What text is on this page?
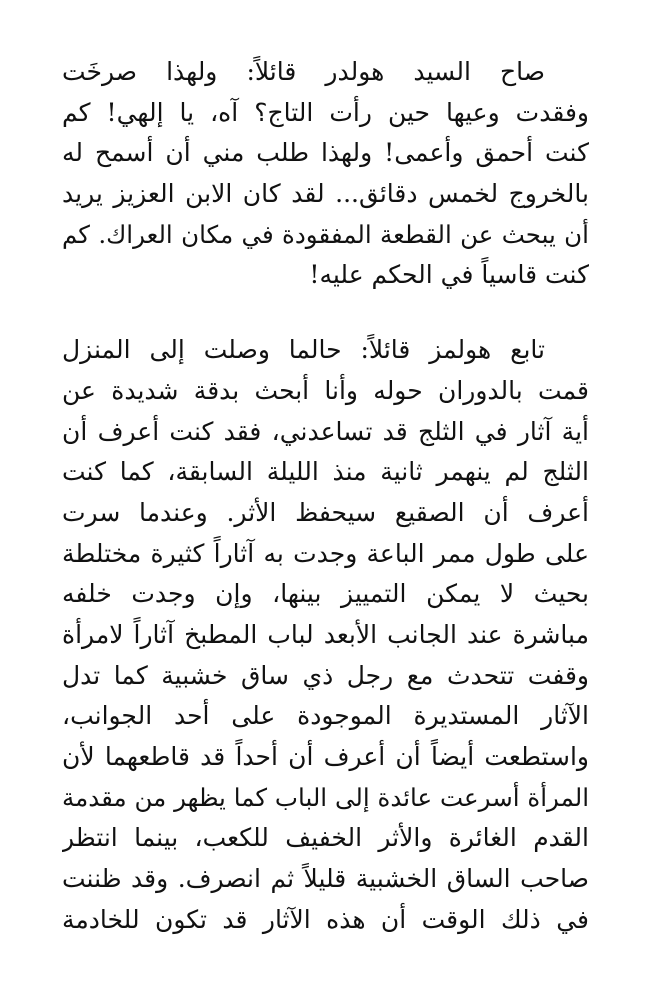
صاح السيد هولدر قائلاً: ولهذا صرخَت
وفقدت وعيها حين رأت التاج؟ آه، يا إلهي! كم
كنت أحمق وأعمى! ولهذا طلب مني أن أسمح له
بالخروج لخمس دقائق... لقد كان الابن العزيز يريد
أن يبحث عن القطعة المفقودة في مكان العراك. كم
كنت قاسياً في الحكم عليه!
تابع هولمز قائلاً: حالما وصلت إلى المنزل
قمت بالدوران حوله وأنا أبحث بدقة شديدة عن
أية آثار في الثلج قد تساعدني، فقد كنت أعرف أن
الثلج لم ينهمر ثانية منذ الليلة السابقة، كما كنت
أعرف أن الصقيع سيحفظ الأثر. وعندما سرت
على طول ممر الباعة وجدت به آثاراً كثيرة مختلطة
بحيث لا يمكن التمييز بينها، وإن وجدت خلفه
مباشرة عند الجانب الأبعد لباب المطبخ آثاراً لامرأة
وقفت تتحدث مع رجل ذي ساق خشبية كما تدل
الآثار المستديرة الموجودة على أحد الجوانب،
واستطعت أيضاً أن أعرف أن أحداً قد قاطعهما لأن
المرأة أسرعت عائدة إلى الباب كما يظهر من مقدمة
القدم الغائرة والأثر الخفيف للكعب، بينما انتظر
صاحب الساق الخشبية قليلاً ثم انصرف. وقد ظننت
في ذلك الوقت أن هذه الآثار قد تكون للخادمة
